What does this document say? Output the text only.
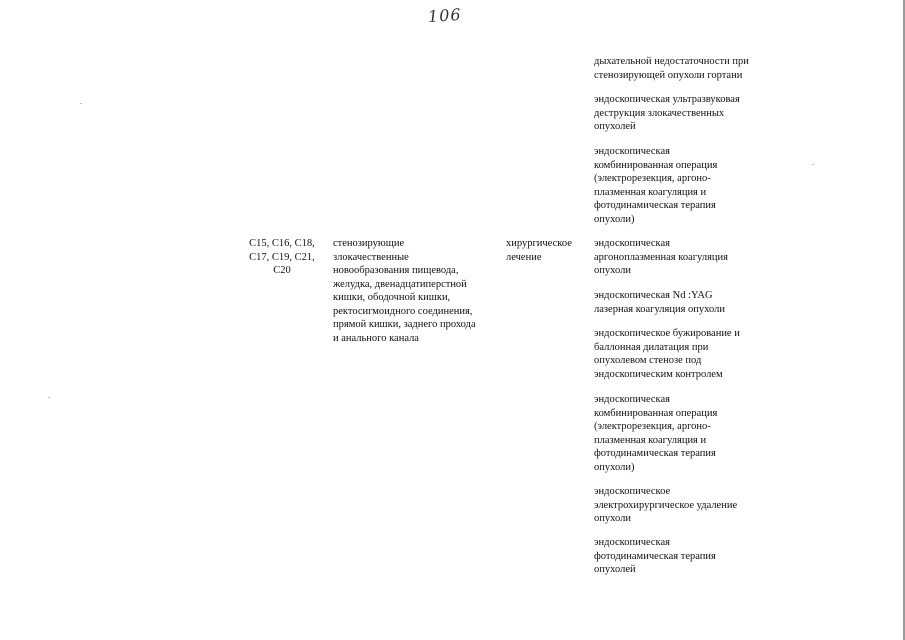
106
дыхательной недостаточности при
стенозирующей опухоли гортани
эндоскопическая ультразвуковая
деструкция злокачественных
опухолей
эндоскопическая
комбинированная операция
(электрорезекция, аргоно-
плазменная коагуляция и
фотодинамическая терапия
опухоли)
C15, C16, C18,
C17, C19, C21,
C20
стенозирующие
злокачественные
новообразования пищевода,
желудка, двенадцатиперстной
кишки, ободочной кишки,
ректосигмоидного соединения,
прямой кишки, заднего прохода
и анального канала
хирургическое
лечение
эндоскопическая
аргоноплазменная коагуляция
опухоли
эндоскопическая Nd :YAG
лазерная коагуляция опухоли
эндоскопическое бужирование и
баллонная дилатация при
опухолевом стенозе под
эндоскопическим контролем
эндоскопическая
комбинированная операция
(электрорезекция, аргоно-
плазменная коагуляция и
фотодинамическая терапия
опухоли)
эндоскопическое
электрохирургическое удаление
опухоли
эндоскопическая
фотодинамическая терапия
опухолей
